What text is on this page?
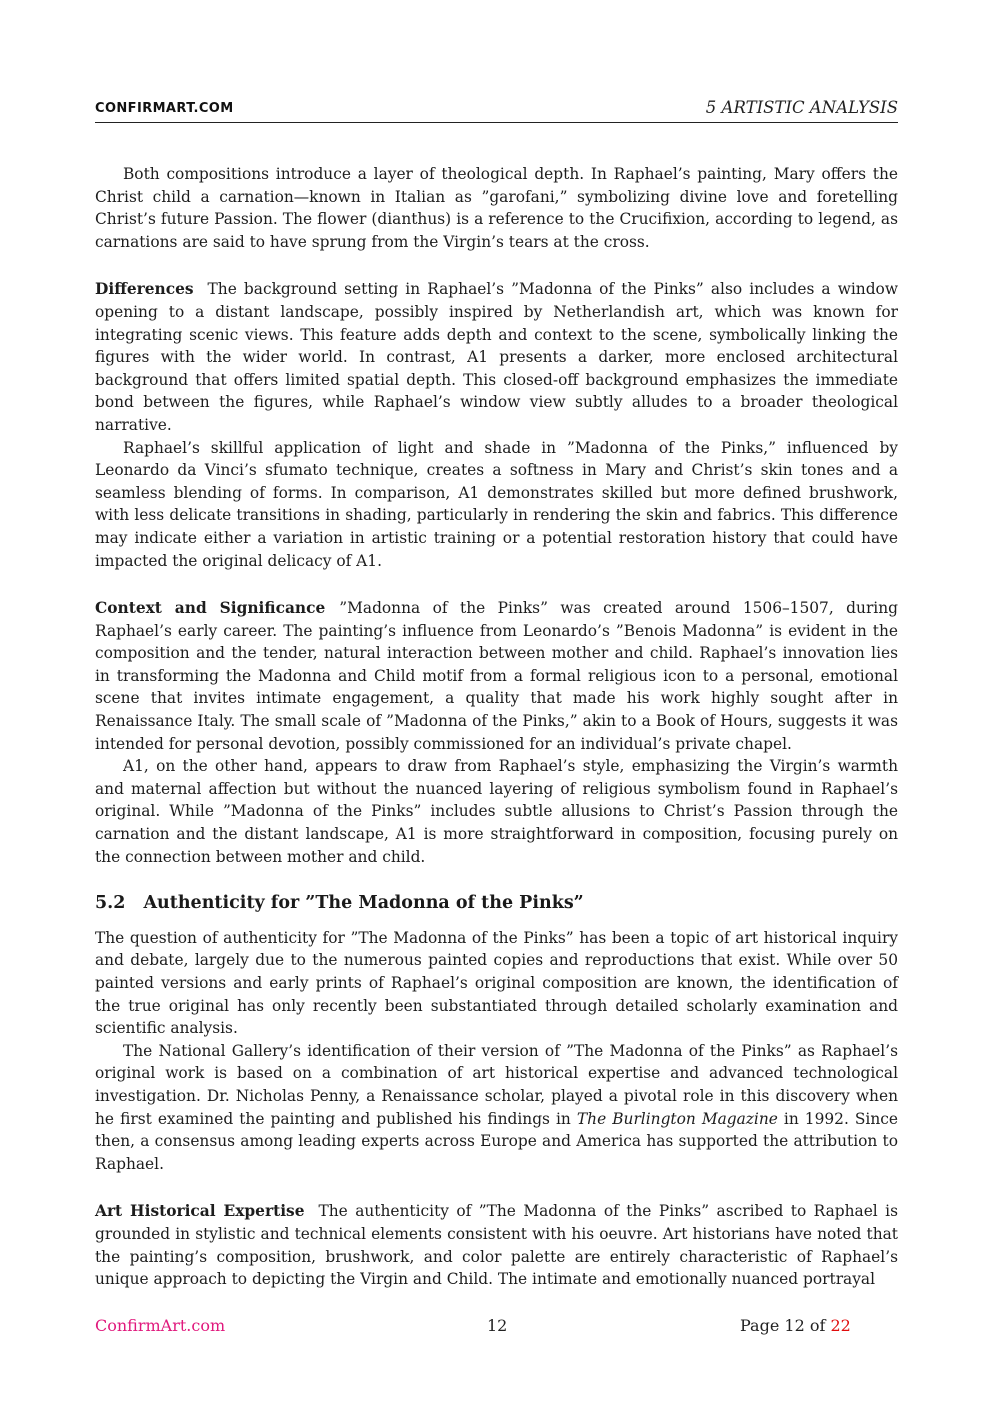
CONFIRMART.COM	5 ARTISTIC ANALYSIS

Both compositions introduce a layer of theological depth. In Raphael’s painting, Mary offers the Christ child a carnation—known in Italian as ”garofani,” symbolizing divine love and foretelling Christ’s future Passion. The flower (dianthus) is a reference to the Crucifixion, according to legend, as carnations are said to have sprung from the Virgin’s tears at the cross.

Differences The background setting in Raphael’s ”Madonna of the Pinks” also includes a window opening to a distant landscape, possibly inspired by Netherlandish art, which was known for integrating scenic views. This feature adds depth and context to the scene, symbolically linking the figures with the wider world. In contrast, A1 presents a darker, more enclosed architectural background that offers limited spatial depth. This closed-off background emphasizes the immediate bond between the figures, while Raphael’s window view subtly alludes to a broader theological narrative.

Raphael’s skillful application of light and shade in ”Madonna of the Pinks,” influenced by Leonardo da Vinci’s sfumato technique, creates a softness in Mary and Christ’s skin tones and a seamless blending of forms. In comparison, A1 demonstrates skilled but more defined brushwork, with less delicate transitions in shading, particularly in rendering the skin and fabrics. This difference may indicate either a variation in artistic training or a potential restoration history that could have impacted the original delicacy of A1.

Context and Significance ”Madonna of the Pinks” was created around 1506–1507, during Raphael’s early career. The painting’s influence from Leonardo’s ”Benois Madonna” is evident in the composition and the tender, natural interaction between mother and child. Raphael’s innovation lies in transforming the Madonna and Child motif from a formal religious icon to a personal, emotional scene that invites intimate engagement, a quality that made his work highly sought after in Renaissance Italy. The small scale of ”Madonna of the Pinks,” akin to a Book of Hours, suggests it was intended for personal devotion, possibly commissioned for an individual’s private chapel.

A1, on the other hand, appears to draw from Raphael’s style, emphasizing the Virgin’s warmth and maternal affection but without the nuanced layering of religious symbolism found in Raphael’s original. While ”Madonna of the Pinks” includes subtle allusions to Christ’s Passion through the carnation and the distant landscape, A1 is more straightforward in composition, focusing purely on the connection between mother and child.

5.2 Authenticity for ”The Madonna of the Pinks”

The question of authenticity for ”The Madonna of the Pinks” has been a topic of art historical inquiry and debate, largely due to the numerous painted copies and reproductions that exist. While over 50 painted versions and early prints of Raphael’s original composition are known, the identification of the true original has only recently been substantiated through detailed scholarly examination and scientific analysis.

The National Gallery’s identification of their version of ”The Madonna of the Pinks” as Raphael’s original work is based on a combination of art historical expertise and advanced technological investigation. Dr. Nicholas Penny, a Renaissance scholar, played a pivotal role in this discovery when he first examined the painting and published his findings in The Burlington Magazine in 1992. Since then, a consensus among leading experts across Europe and America has supported the attribution to Raphael.

Art Historical Expertise The authenticity of ”The Madonna of the Pinks” ascribed to Raphael is grounded in stylistic and technical elements consistent with his oeuvre. Art historians have noted that the painting’s composition, brushwork, and color palette are entirely characteristic of Raphael’s unique approach to depicting the Virgin and Child. The intimate and emotionally nuanced portrayal

ConfirmArt.com	12	Page 12 of 22
